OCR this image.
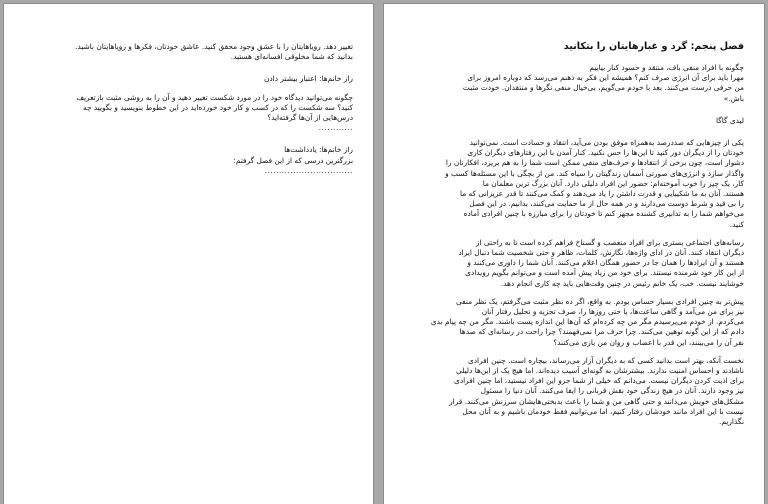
تغییر دهد. رویاهایتان را با عشق وجود محقق کنید. عاشق خودتان، فکرها و رویاهایتان باشید.

بدانید که شما مخلوقی افسانه‌ای هستید.

راز خانم‌ها: اعتبار بیشتر دادن

چگونه می‌توانید دیدگاه خود را در مورد شکست تغییر دهید و آن را به روشی مثبت بازتعریف

کنید؟ سه شکست را که در کسب و کار خود خورده‌اید در این خطوط بنویسید و بگویید چه

درس‌هایی از آن‌ها گرفته‌اید؟

............

راز خانم‌ها: یادداشت‌ها

بزرگترین درسی که از این فصل گرفتم:

...............................

فصل پنجم: گرد و غبارهایتان را بتکانید

چگونه با افراد منفی باف، منتقد و حسود کنار بیاییم

مهرا باید برای آن انرژی صرف کنم؟ همیشه این فکر به ذهنم می‌رسد که دوباره امروز برای

من حرفی درست می‌کنند. بعد با خودم می‌گویم، بی‌خیال منفی نگرها و منتقدان. خودت مثبت

باش.»

لیدی گاگا

یکی از چیزهایی که صددرصد به‌همراه موفق بودن می‌آید، انتقاد و حسادت است. نمی‌توانید

خودتان را از دیگران دور کنید تا این‌ها را حس نکنید. کنار آمدن با این رفتارهای دیگران کاری

دشوار است، چون برخی از انتقادها و حرف‌های منفی ممکن است شما را به هم بریزد، افکارتان را

واگذار سازد و انرژی‌های صورتی آسمان زندگیتان را سیاه کند. من از بچگی با این مسئله‌ها کسب و

کار، یک چیز را خوب آموخته‌ام: حضور این افراد دلیلی دارد. آنان بزرگ ترین معلمان ما

هستند. آنان به ما شکیبایی و قدرت داشتن را یاد می‌دهند و کمک می‌کنند تا قدر عزیزانی که ما

را بی قید و شرط دوست می‌دارند و در همه حال از ما حمایت می‌کنند، بدانیم. در این فصل

می‌خواهم شما را به تدابیری کشنده مجهز کنم تا خودتان را برای مبارزه با چنین افرادی آماده

کنید.

رسانه‌های اجتماعی بستری برای افراد متعصب و گستاخ فراهم کرده است تا به راحتی از

دیگران انتقاد کنند. آنان در ادای واژه‌ها، نگارش، کلمات، ظاهر و حتی شخصیت شما دنبال ایراد

هستند و آن ایرادها را همان جا در حضور همگان اعلام می‌کنند. آنان شما را داوری می‌کنند و

از این کار خود شرمنده نیستند. برای خود من زیاد پیش آمده است و می‌توانم بگویم رویدادی

خوشایند نیست. خب، یک خانم رئیس در چنین وقت‌هایی باید چه کاری انجام دهد.

پیش‌تر به چنین افرادی بسیار حساس بودم. به واقع، اگر ده نظر مثبت می‌گرفتم، یک نظر منفی

نیز برای من می‌آمد و گاهی ساعت‌ها، یا حتی روزها را، صرف تجزیه و تحلیل رفتار آنان

می‌کردم. از خودم می‌پرسیدم مگر من چه کرده‌ام که آن‌ها این اندازه پست باشند. مگر من چه پیام بدی

دادم که از این گونه توهین می‌کنند. چرا حرف مرا نمی‌فهمند؟ چرا راحت در رسانه‌ای که صدها

نفر آن را می‌بینند، این قدر با اعصاب و روان من بازی می‌کنند؟

نخست آنکه، بهتر است بدانید کسی که به دیگران آزار می‌رساند، بیچاره است. چنین افرادی

ناشادند و احساس امنیت ندارند. بیشترشان به گونه‌ای آسیب دیده‌اند. اما هیچ یک از این‌ها دلیلی

برای اذیت کردن دیگران نیست. می‌دانم که خیلی از شما جزو این افراد نیستید، اما چنین افرادی

نیز وجود دارند. آنان در هیچ زندگی خود نقش قربانی را ایفا می‌کنند. آنان دنیا را مسئول

مشکل‌های خویش می‌دانند و حتی گاهی من و شما را باعث بدبختی‌هایشان سرزنش می‌کنند. قرار

نیست با این افراد مانند خودشان رفتار کنیم، اما می‌توانیم فقط خودمان باشیم و به آنان محل

نگذاریم.
